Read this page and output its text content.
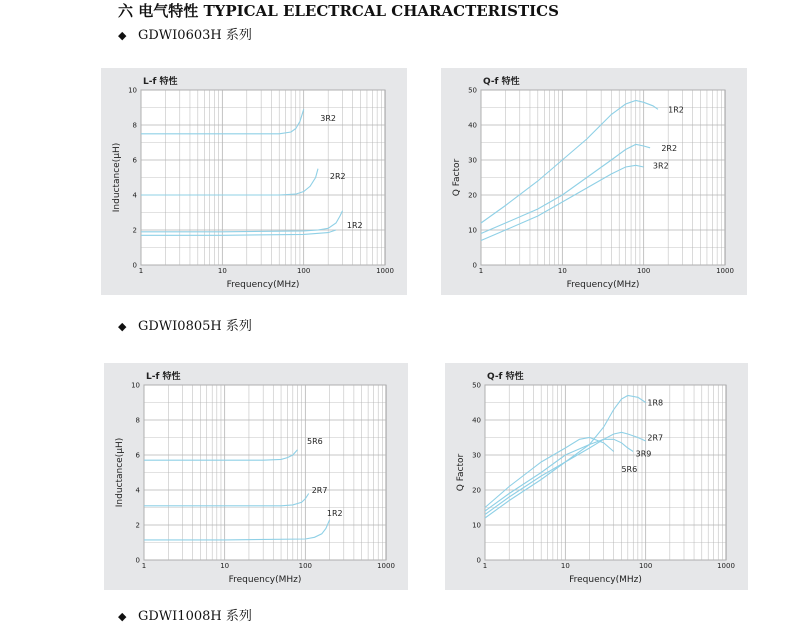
六 电气特性 TYPICAL ELECTRCAL CHARACTERISTICS
◆ GDWI0603H 系列
◆ GDWI0805H 系列
◆ GDWI1008H 系列
0
2
4
6
8
10
1	10	100	1000
L-f 特性
Frequency(MHz)
Inductance(μH)
3R2
2R2
1R2
0
10
20
30
40
50
1	10	100	1000
Q-f 特性
Frequency(MHz)
Q Factor
1R2
2R2
3R2
0
2
4
6
8
10
1	10	100	1000
L-f 特性
Frequency(MHz)
Inductance(μH)	5R6
2R7
1R2
0
10
20
30
40
50
1	10	100	1000
Q-f 特性
Frequency(MHz)
Q Factor
1R8
2R7
3R9
5R6
